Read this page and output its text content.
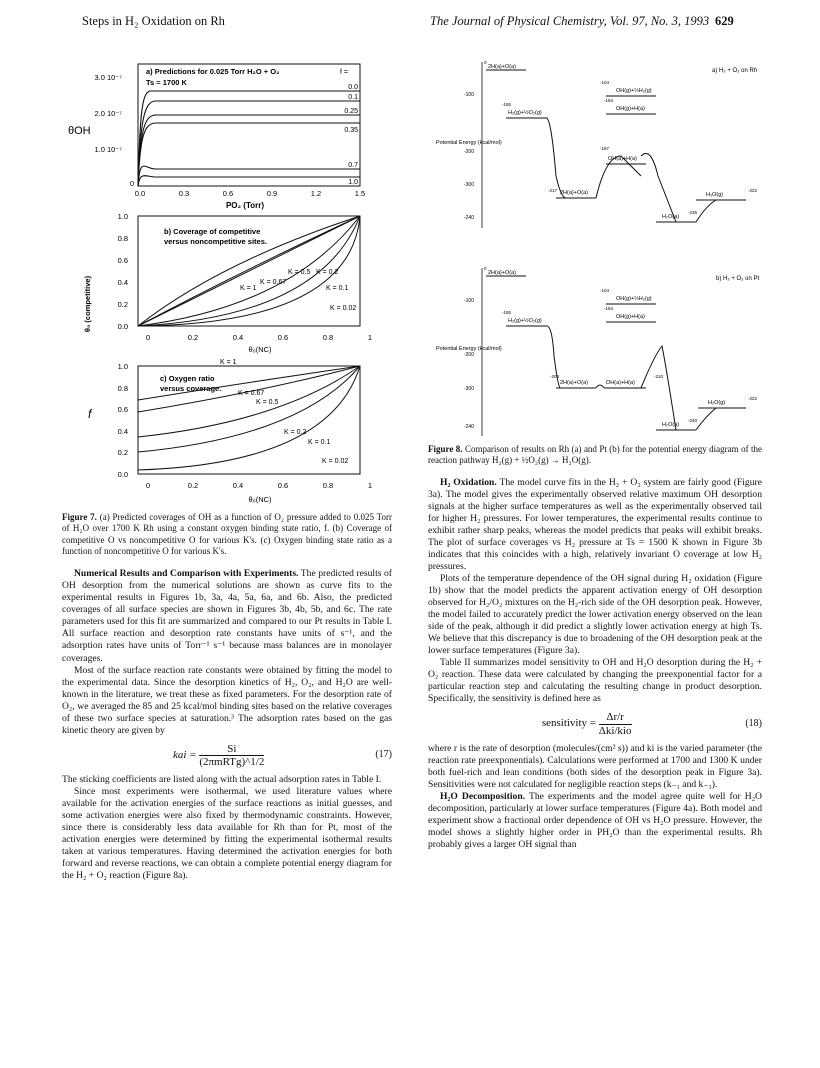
Steps in H₂ Oxidation on Rh	The Journal of Physical Chemistry, Vol. 97, No. 3, 1993 629
θOH
3.0 10⁻⁷
2.0 10⁻⁷
1.0 10⁻⁷
0
0.0	0.3	0.6	0.9	1.2	1.5
PO₂ (Torr)
a) Predictions for 0.025 Torr H₂O + O₂
Ts = 1700 K
f =
0.0
0.1
0.25
0.35
0.7
1.0
θ₀ (competitive)
1.0
0.8
0.6
0.4
0.2
0.0
0	0.2	0.4	0.6	0.8	1
θ₀(NC)
b) Coverage of competitive
versus noncompetitive sites.
K = 1
K = 0.67
K = 0.5 K = 0.2
K = 0.1
K = 0.02
f
1.0
0.8
0.6
0.4
0.2
0.0
0	0.2	0.4	0.6	0.8	1
θ₀(NC)
c) Oxygen ratio
versus coverage.
K = 1
K = 0.67
K = 0.5
K = 0.2
K = 0.1
K = 0.02
a) H₂ + O₂ on Rh
Potential Energy (kcal/mol)
-100
-200
-300
-240
2H(a)+O(a)
OH(g)+½H₂(g)
OH(g)+H(a)
H₂(g)+½O₂(g)
OH(a)+H(a)
2H(a)+O(a)	H₂O(g)
H₂O(a)
0
-104
-184
-185
-187
-217	-222
-235
b) H₂ + O₂ on Pt
Potential Energy (kcal/mol)
-100
-200
-300
-240
2H(a)+O(a)
OH(g)+½H₂(g)
OH(g)+H(a)
H₂(g)+½O₂(g)
2H(a)+O(a)	OH(a)+H(a)
H₂O(g)
H₂O(a)
0
-104
-184
-185
-204	-210
-222
-240

Figure 7. (a) Predicted coverages of OH as a function of O₂ pressure added to 0.025 Torr of H₂O over 1700 K Rh using a constant oxygen binding state ratio, f. (b) Coverage of competitive O vs noncompetitive O for various K's. (c) Oxygen binding state ratio as a function of noncompetitive O for various K's.

Numerical Results and Comparison with Experiments. The predicted results of OH desorption from the numerical solutions are shown as curve fits to the experimental results in Figures 1b, 3a, 4a, 5a, 6a, and 6b. Also, the predicted coverages of all surface species are shown in Figures 3b, 4b, 5b, and 6c. The rate parameters used for this fit are summarized and compared to our Pt results in Table I. All surface reaction and desorption rate constants have units of s⁻¹, and the adsorption rates have units of Torr⁻¹ s⁻¹ because mass balances are in monolayer coverages.

Most of the surface reaction rate constants were obtained by fitting the model to the experimental data. Since the desorption kinetics of H₂, O₂, and H₂O are well-known in the literature, we treat these as fixed parameters. For the desorption rate of O₂, we averaged the 85 and 25 kcal/mol binding sites based on the relative coverages of these two surface species at saturation.³ The adsorption rates based on the gas kinetic theory are given by

kai = $\frac{Si}{\text{(2πmRTg)\textasciicircum{}1/2}}$	(17)

The sticking coefficients are listed along with the actual adsorption rates in Table I.

Since most experiments were isothermal, we used literature values where available for the activation energies of the surface reactions as initial guesses, and some activation energies were also fixed by thermodynamic constraints. However, since there is considerably less data available for Rh than for Pt, most of the activation energies were determined by fitting the experimental isothermal results taken at various temperatures. Having determined the activation energies for both forward and reverse reactions, we can obtain a complete potential energy diagram for the H₂ + O₂ reaction (Figure 8a).

Figure 8. Comparison of results on Rh (a) and Pt (b) for the potential energy diagram of the reaction pathway H₂(g) + ½O₂(g) → H₂O(g).

H₂ Oxidation. The model curve fits in the H₂ + O₂ system are fairly good (Figure 3a). The model gives the experimentally observed relative maximum OH desorption signals at the higher surface temperatures as well as the experimentally observed tail for higher H₂ pressures. For lower temperatures, the experimental results continue to exhibit rather sharp peaks, whereas the model predicts that peaks will exhibit breaks. The plot of surface coverages vs H₂ pressure at Ts = 1500 K shown in Figure 3b indicates that this coincides with a high, relatively invariant O coverage at low H₂ pressures.

Plots of the temperature dependence of the OH signal during H₂ oxidation (Figure 1b) show that the model predicts the apparent activation energy of OH desorption observed for H₂/O₂ mixtures on the H₂-rich side of the OH desorption peak. However, the model failed to accurately predict the lower activation energy observed on the lean side of the peak, although it did predict a slightly lower activation energy at high Ts. We believe that this discrepancy is due to broadening of the OH desorption peak at the lower surface temperatures (Figure 3a).

Table II summarizes model sensitivity to OH and H₂O desorption during the H₂ + O₂ reaction. These data were calculated by changing the preexponential factor for a particular reaction step and calculating the resulting change in product desorption. Specifically, the sensitivity is defined here as

sensitivity = $\frac{\Delta r/r}{\text{Δki/kio}}$	(18)

where r is the rate of desorption (molecules/(cm² s)) and ki is the varied parameter (the reaction rate preexponentials). Calculations were performed at 1700 and 1300 K under both fuel-rich and lean conditions (both sides of the desorption peak in Figure 3a). Sensitivities were not calculated for negligible reaction steps (k₋₁ and k₋₃).

H₂O Decomposition. The experiments and the model agree quite well for H₂O decomposition, particularly at lower surface temperatures (Figure 4a). Both model and experiment show a fractional order dependence of OH vs H₂O pressure. However, the model shows a slightly higher order in PH₂O than the experimental results. Rh probably gives a larger OH signal than
